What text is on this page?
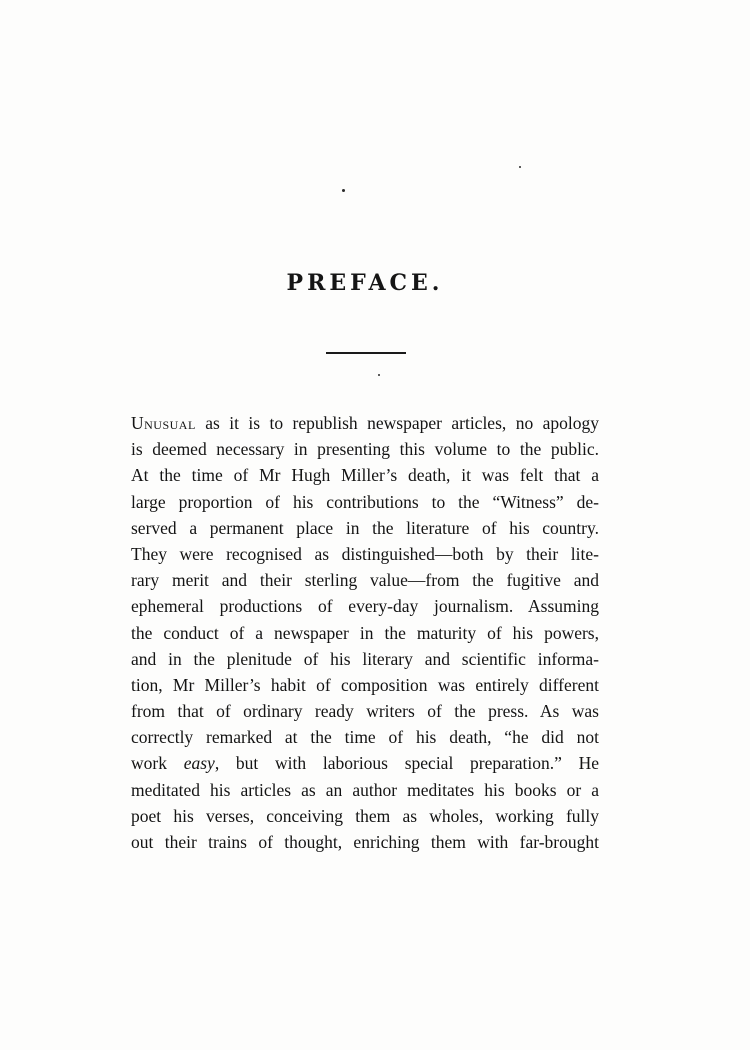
PREFACE.
Unusual as it is to republish newspaper articles, no apology
is deemed necessary in presenting this volume to the public.
At the time of Mr Hugh Miller’s death, it was felt that a
large proportion of his contributions to the “Witness” de-
served a permanent place in the literature of his country.
They were recognised as distinguished—both by their lite-
rary merit and their sterling value—from the fugitive and
ephemeral productions of every-day journalism. Assuming
the conduct of a newspaper in the maturity of his powers,
and in the plenitude of his literary and scientific informa-
tion, Mr Miller’s habit of composition was entirely different
from that of ordinary ready writers of the press. As was
correctly remarked at the time of his death, “he did not
work easy, but with laborious special preparation.” He
meditated his articles as an author meditates his books or a
poet his verses, conceiving them as wholes, working fully
out their trains of thought, enriching them with far-brought
